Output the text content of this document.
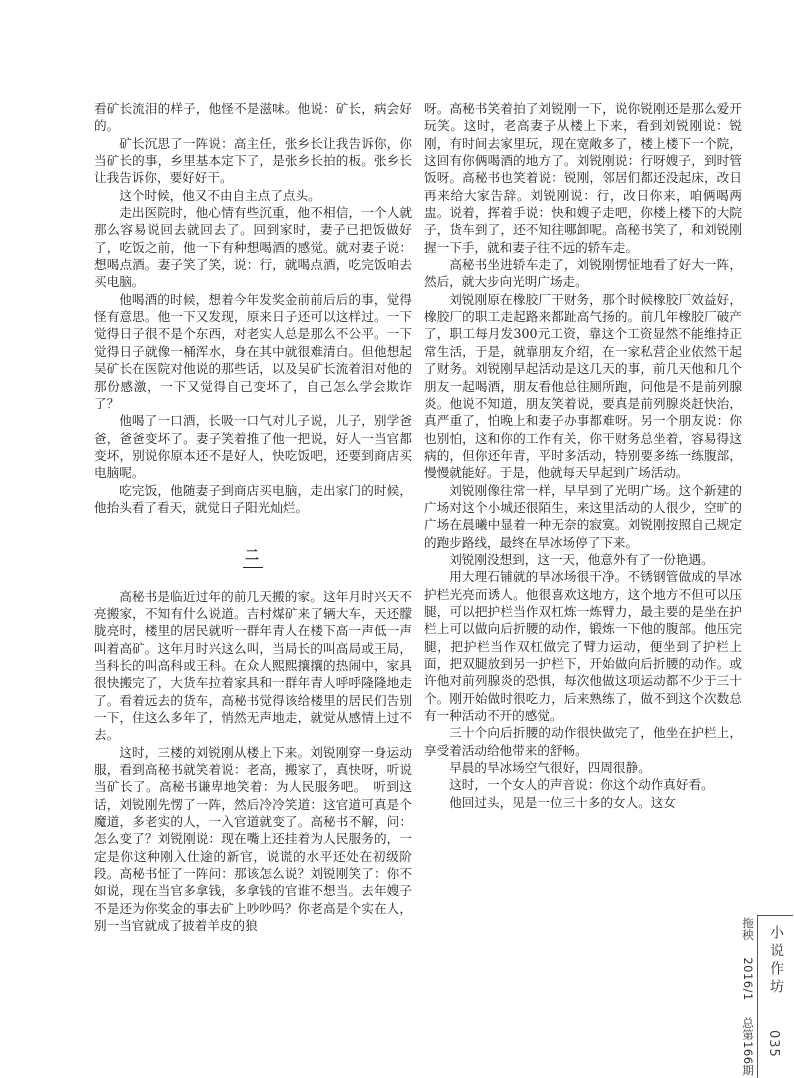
看矿长流泪的样子，他怪不是滋味。他说：矿长，病会好的。

矿长沉思了一阵说：高主任，张乡长让我告诉你，你当矿长的事，乡里基本定下了，是张乡长拍的板。张乡长让我告诉你，要好好干。

这个时候，他又不由自主点了点头。

走出医院时，他心情有些沉重，他不相信，一个人就那么容易说回去就回去了。回到家时，妻子已把饭做好了，吃饭之前，他一下有种想喝酒的感觉。就对妻子说：想喝点酒。妻子笑了笑，说：行，就喝点酒，吃完饭咱去买电脑。

他喝酒的时候，想着今年发奖金前前后后的事，觉得怪有意思。他一下又发现，原来日子还可以这样过。一下觉得日子很不是个东西，对老实人总是那么不公平。一下觉得日子就像一桶浑水，身在其中就很难清白。但他想起吴矿长在医院对他说的那些话，以及吴矿长流着泪对他的那份感激，一下又觉得自己变坏了，自己怎么学会欺诈了？

他喝了一口酒，长吸一口气对儿子说，儿子，别学爸爸，爸爸变坏了。妻子笑着推了他一把说，好人一当官都变坏，别说你原本还不是好人，快吃饭吧，还要到商店买电脑呢。

吃完饭，他随妻子到商店买电脑，走出家门的时候，他抬头看了看天，就觉日子阳光灿烂。

二

高秘书是临近过年的前几天搬的家。这年月时兴天不亮搬家，不知有什么说道。吉村煤矿来了辆大车，天还朦胧亮时，楼里的居民就听一群年青人在楼下高一声低一声叫着高矿。这年月时兴这么叫，当局长的叫高局或王局，当科长的叫高科或王科。在众人熙熙攘攘的热闹中，家具很快搬完了，大货车拉着家具和一群年青人呼呼隆隆地走了。看着远去的货车，高秘书觉得该给楼里的居民们告别一下，住这么多年了，悄然无声地走，就觉从感情上过不去。

这时，三楼的刘锐刚从楼上下来。刘锐刚穿一身运动服，看到高秘书就笑着说：老高，搬家了，真快呀，听说当矿长了。高秘书谦卑地笑着：为人民服务吧。　听到这话，刘锐刚先愣了一阵，然后冷冷笑道：这官道可真是个魔道，多老实的人，一入官道就变了。高秘书不解，问：怎么变了？刘锐刚说：现在嘴上还挂着为人民服务的，一定是你这种刚入仕途的新官，说谎的水平还处在初级阶段。高秘书怔了一阵问：那该怎么说？刘锐刚笑了：你不如说，现在当官多拿钱，多拿钱的官谁不想当。去年嫂子不是还为你奖金的事去矿上吵吵吗？你老高是个实在人，别一当官就成了披着羊皮的狼

呀。高秘书笑着拍了刘锐刚一下，说你锐刚还是那么爱开玩笑。这时，老高妻子从楼上下来，看到刘锐刚说：锐刚，有时间去家里玩，现在宽敞多了，楼上楼下一个院，这回有你俩喝酒的地方了。刘锐刚说：行呀嫂子，到时管饭呀。高秘书也笑着说：锐刚，邻居们都还没起床，改日再来给大家告辞。刘锐刚说：行，改日你来，咱俩喝两盅。说着，挥着手说：快和嫂子走吧，你楼上楼下的大院子，货车到了，还不知往哪卸呢。高秘书笑了，和刘锐刚握一下手，就和妻子往不远的轿车走。

高秘书坐进轿车走了，刘锐刚愣怔地看了好大一阵，然后，就大步向光明广场走。

刘锐刚原在橡胶厂干财务，那个时候橡胶厂效益好，橡胶厂的职工走起路来都趾高气扬的。前几年橡胶厂破产了，职工每月发300元工资，靠这个工资显然不能维持正常生活，于是，就靠朋友介绍，在一家私营企业依然干起了财务。刘锐刚早起活动是这几天的事，前几天他和几个朋友一起喝酒，朋友看他总往厕所跑，问他是不是前列腺炎。他说不知道，朋友笑着说，要真是前列腺炎赶快治，真严重了，怕晚上和妻子办事都难呀。另一个朋友说：你也别怕，这和你的工作有关，你干财务总坐着，容易得这病的，但你还年青，平时多活动，特别要多练一练腹部，慢慢就能好。于是，他就每天早起到广场活动。

刘锐刚像往常一样，早早到了光明广场。这个新建的广场对这个小城还很陌生，来这里活动的人很少，空旷的广场在晨曦中显着一种无奈的寂寞。刘锐刚按照自己规定的跑步路线，最终在旱冰场停了下来。

刘锐刚没想到，这一天，他意外有了一份艳遇。

用大理石铺就的旱冰场很干净。不锈钢管做成的旱冰护栏光亮而诱人。他很喜欢这地方，这个地方不但可以压腿，可以把护栏当作双杠炼一炼臂力，最主要的是坐在护栏上可以做向后折腰的动作，锻炼一下他的腹部。他压完腿，把护栏当作双杠做完了臂力运动，便坐到了护栏上面，把双腿放到另一护栏下，开始做向后折腰的动作。或许他对前列腺炎的恐惧，每次他做这项运动都不少于三十个。刚开始做时很吃力，后来熟练了，做不到这个次数总有一种活动不开的感觉。

三十个向后折腰的动作很快做完了，他坐在护栏上，享受着活动给他带来的舒畅。

早晨的旱冰场空气很好，四周很静。

这时，一个女人的声音说：你这个动作真好看。

他回过头，见是一位三十多的女人。这女

拖秧  2016/1  总第166期
小说作坊
035
